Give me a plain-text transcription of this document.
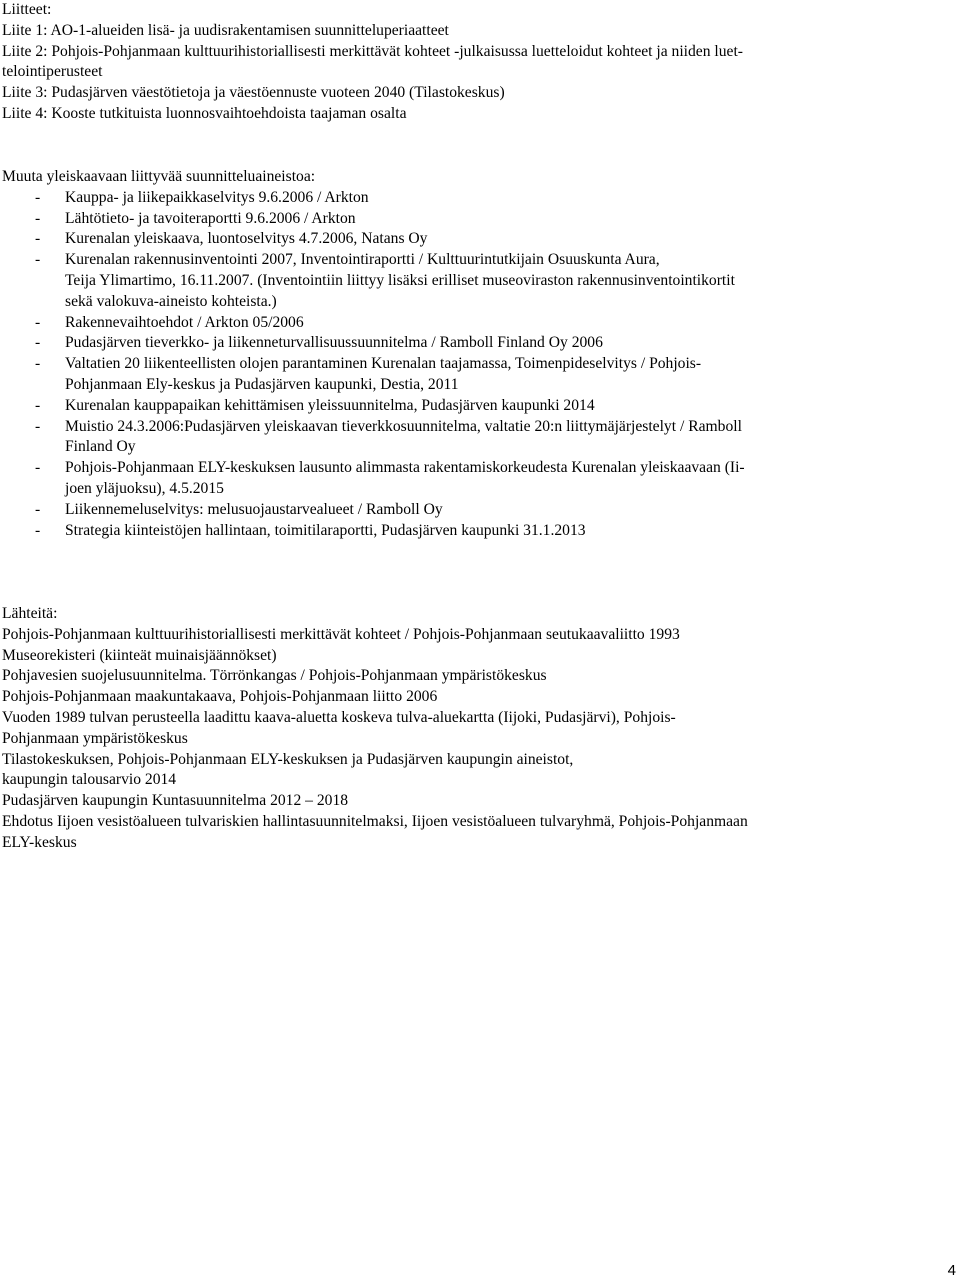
Liitteet:

Liite 1: AO-1-alueiden lisä- ja uudisrakentamisen suunnitteluperiaatteet

Liite 2: Pohjois-Pohjanmaan kulttuurihistoriallisesti merkittävät kohteet -julkaisussa luetteloidut kohteet ja niiden luet-

telointiperusteet

Liite 3: Pudasjärven väestötietoja ja väestöennuste vuoteen 2040 (Tilastokeskus)

Liite 4: Kooste tutkituista luonnosvaihtoehdoista taajaman osalta

Muuta yleiskaavaan liittyvää suunnitteluaineistoa:

- Kauppa- ja liikepaikkaselvitys 9.6.2006 / Arkton
- Lähtötieto- ja tavoiteraportti 9.6.2006 / Arkton
- Kurenalan yleiskaava, luontoselvitys 4.7.2006, Natans Oy
- Kurenalan rakennusinventointi 2007, Inventointiraportti / Kulttuurintutkijain Osuuskunta Aura,
Teija Ylimartimo, 16.11.2007. (Inventointiin liittyy lisäksi erilliset museoviraston rakennusinventointikortit
sekä valokuva-aineisto kohteista.)
- Rakennevaihtoehdot / Arkton 05/2006
- Pudasjärven tieverkko- ja liikenneturvallisuussuunnitelma / Ramboll Finland Oy 2006
- Valtatien 20 liikenteellisten olojen parantaminen Kurenalan taajamassa, Toimenpideselvitys / Pohjois-
Pohjanmaan Ely-keskus ja Pudasjärven kaupunki, Destia, 2011
- Kurenalan kauppapaikan kehittämisen yleissuunnitelma, Pudasjärven kaupunki 2014
- Muistio 24.3.2006:Pudasjärven yleiskaavan tieverkkosuunnitelma, valtatie 20:n liittymäjärjestelyt / Ramboll
Finland Oy
- Pohjois-Pohjanmaan ELY-keskuksen lausunto alimmasta rakentamiskorkeudesta Kurenalan yleiskaavaan (Ii-
joen yläjuoksu), 4.5.2015
- Liikennemeluselvitys: melusuojaustarvealueet / Ramboll Oy
- Strategia kiinteistöjen hallintaan, toimitilaraportti, Pudasjärven kaupunki 31.1.2013

Lähteitä:

Pohjois-Pohjanmaan kulttuurihistoriallisesti merkittävät kohteet / Pohjois-Pohjanmaan seutukaavaliitto 1993

Museorekisteri (kiinteät muinaisjäännökset)

Pohjavesien suojelusuunnitelma. Törrönkangas / Pohjois-Pohjanmaan ympäristökeskus

Pohjois-Pohjanmaan maakuntakaava, Pohjois-Pohjanmaan liitto 2006

Vuoden 1989 tulvan perusteella laadittu kaava-aluetta koskeva tulva-aluekartta (Iijoki, Pudasjärvi), Pohjois-

Pohjanmaan ympäristökeskus

Tilastokeskuksen, Pohjois-Pohjanmaan ELY-keskuksen ja Pudasjärven kaupungin aineistot,

kaupungin talousarvio 2014

Pudasjärven kaupungin Kuntasuunnitelma 2012 – 2018

Ehdotus Iijoen vesistöalueen tulvariskien hallintasuunnitelmaksi, Iijoen vesistöalueen tulvaryhmä, Pohjois-Pohjanmaan

ELY-keskus

4
